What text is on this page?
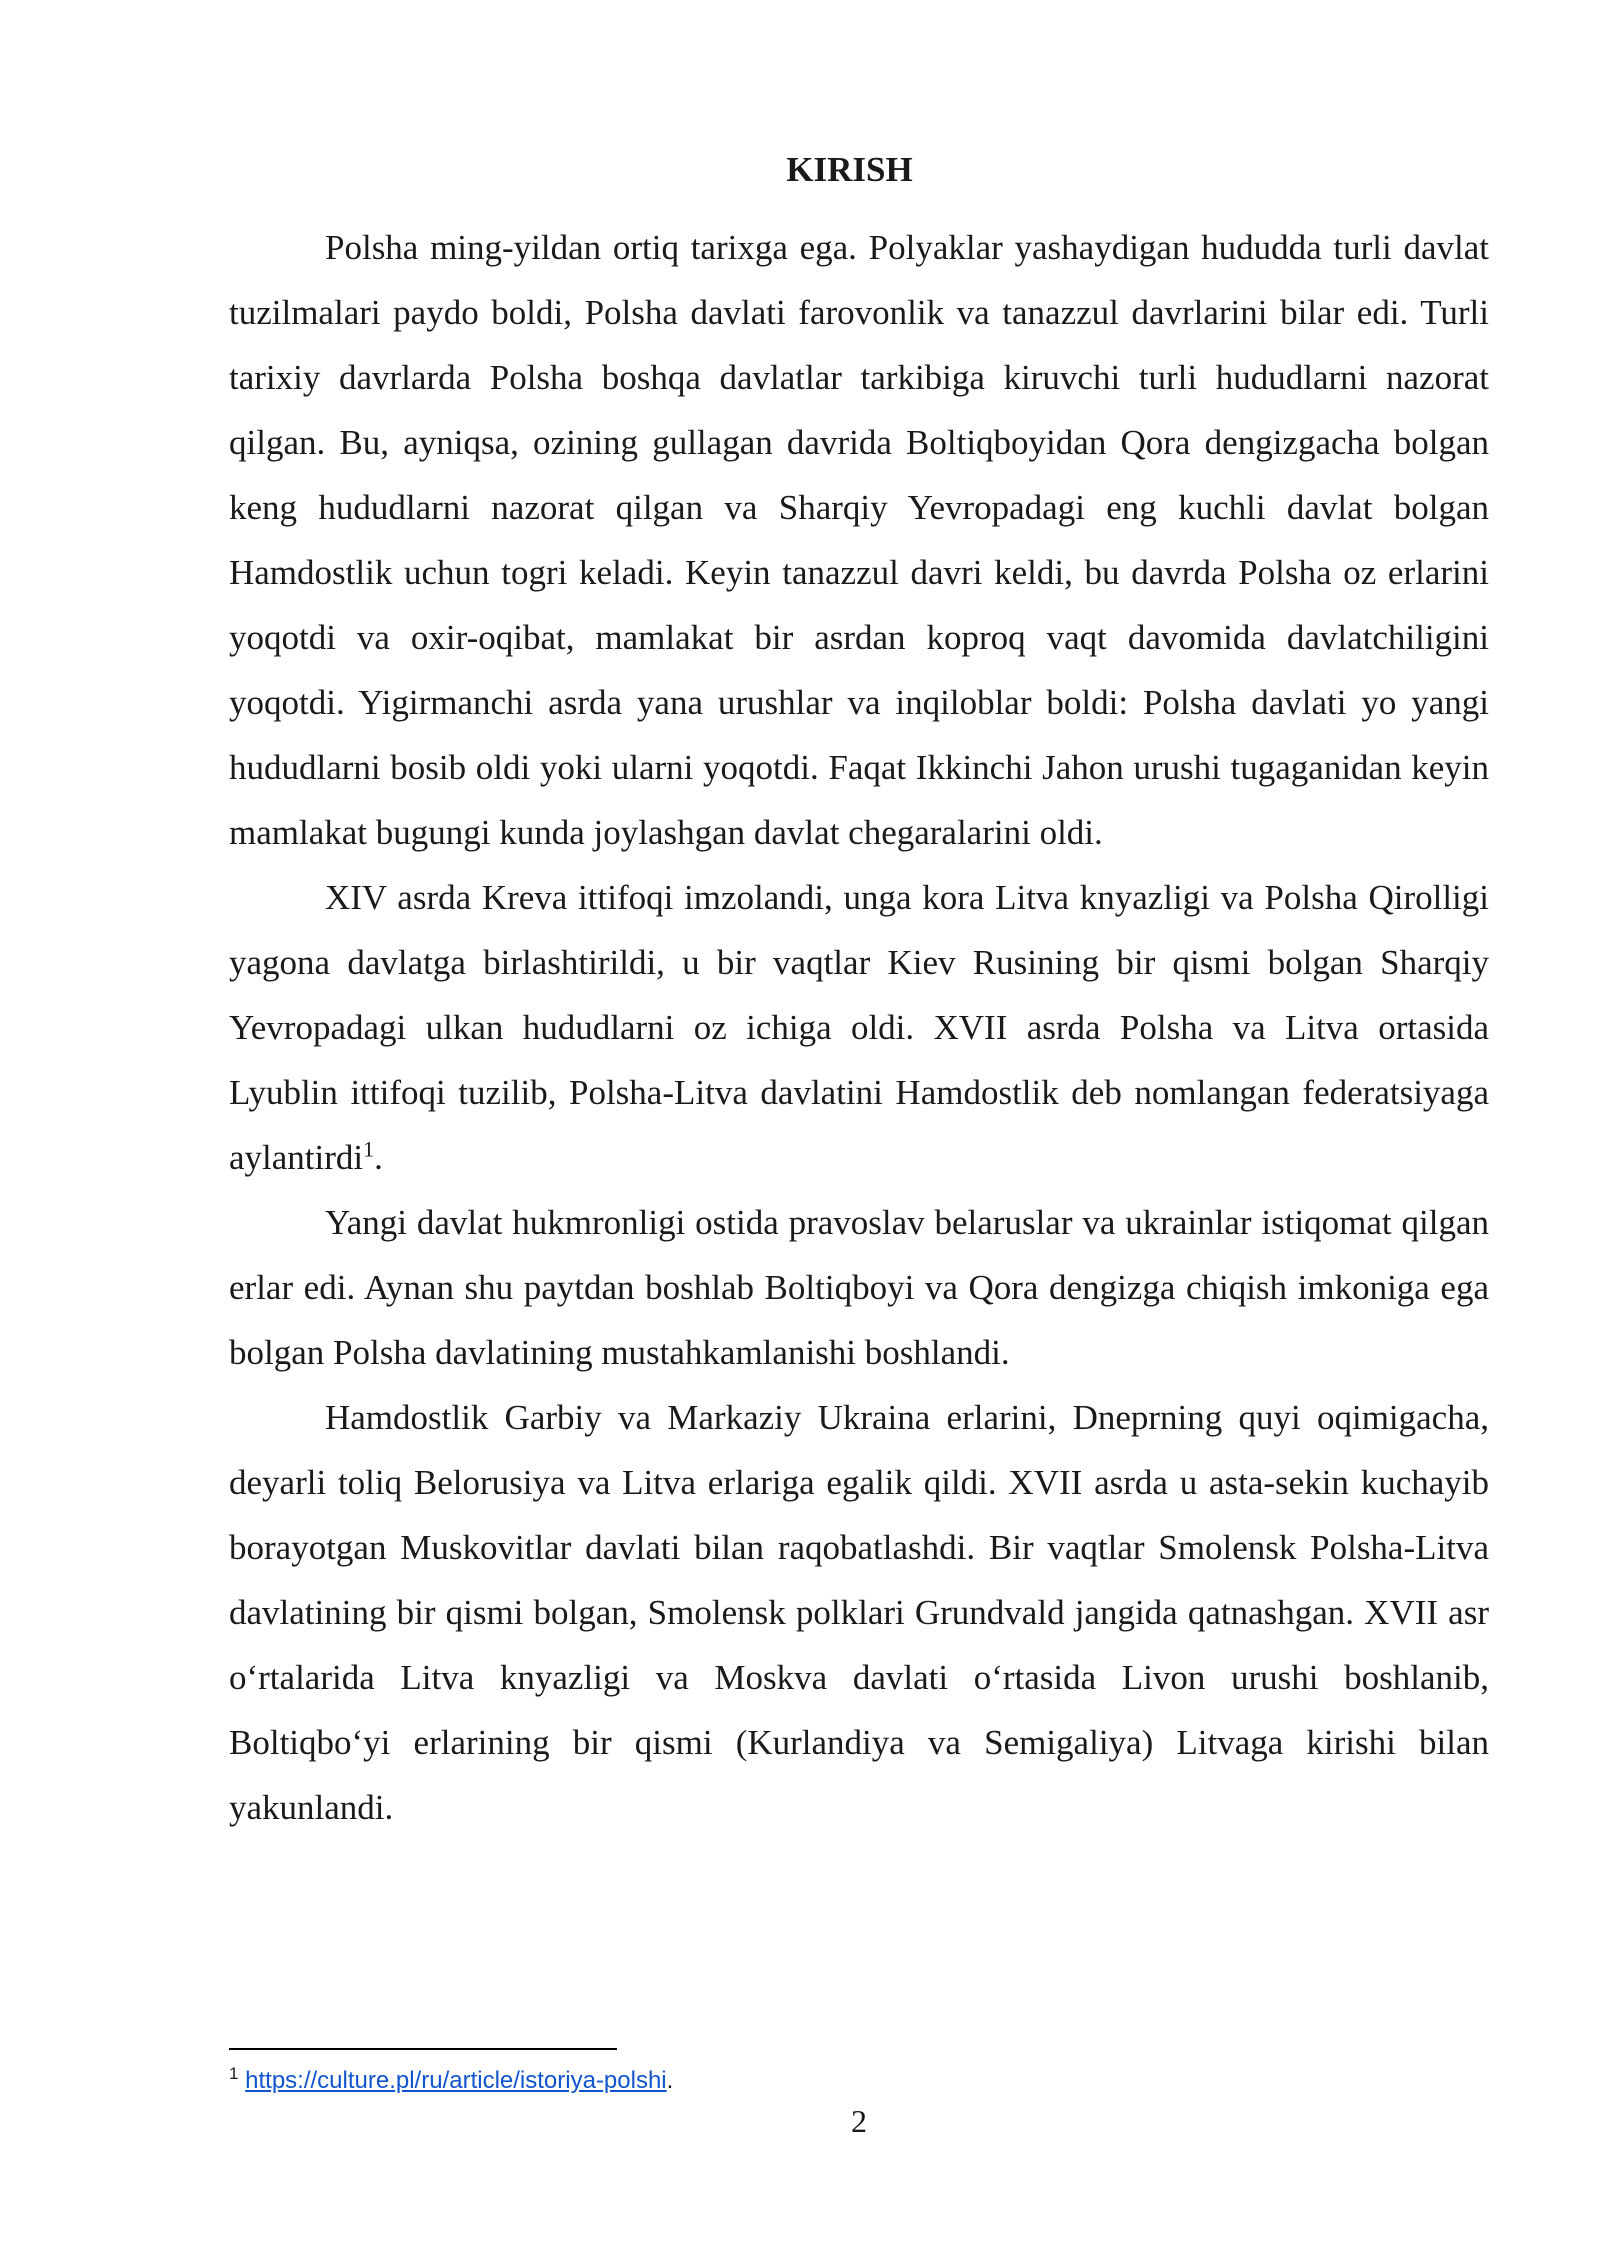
KIRISH

Polsha ming-yildan ortiq tarixga ega. Polyaklar yashaydigan hududda turli davlat tuzilmalari paydo boldi, Polsha davlati farovonlik va tanazzul davrlarini bilar edi. Turli tarixiy davrlarda Polsha boshqa davlatlar tarkibiga kiruvchi turli hududlarni nazorat qilgan. Bu, ayniqsa, ozining gullagan davrida Boltiqboyidan Qora dengizgacha bolgan keng hududlarni nazorat qilgan va Sharqiy Yevropadagi eng kuchli davlat bolgan Hamdostlik uchun togri keladi. Keyin tanazzul davri keldi, bu davrda Polsha oz erlarini yoqotdi va oxir-oqibat, mamlakat bir asrdan koproq vaqt davomida davlatchiligini yoqotdi. Yigirmanchi asrda yana urushlar va inqiloblar boldi: Polsha davlati yo yangi hududlarni bosib oldi yoki ularni yoqotdi. Faqat Ikkinchi Jahon urushi tugaganidan keyin mamlakat bugungi kunda joylashgan davlat chegaralarini oldi.

XIV asrda Kreva ittifoqi imzolandi, unga kora Litva knyazligi va Polsha Qirolligi yagona davlatga birlashtirildi, u bir vaqtlar Kiev Rusining bir qismi bolgan Sharqiy Yevropadagi ulkan hududlarni oz ichiga oldi. XVII asrda Polsha va Litva ortasida Lyublin ittifoqi tuzilib, Polsha-Litva davlatini Hamdostlik deb nomlangan federatsiyaga aylantirdi$^1$.

Yangi davlat hukmronligi ostida pravoslav belaruslar va ukrainlar istiqomat qilgan erlar edi. Aynan shu paytdan boshlab Boltiqboyi va Qora dengizga chiqish imkoniga ega bolgan Polsha davlatining mustahkamlanishi boshlandi.

Hamdostlik Garbiy va Markaziy Ukraina erlarini, Dneprning quyi oqimigacha, deyarli toliq Belorusiya va Litva erlariga egalik qildi. XVII asrda u asta-sekin kuchayib borayotgan Muskovitlar davlati bilan raqobatlashdi. Bir vaqtlar Smolensk Polsha-Litva davlatining bir qismi bolgan, Smolensk polklari Grundvald jangida qatnashgan. XVII asr oʻrtalarida Litva knyazligi va Moskva davlati oʻrtasida Livon urushi boshlanib, Boltiqboʻyi erlarining bir qismi (Kurlandiya va Semigaliya) Litvaga kirishi bilan yakunlandi.

$^1$ https://culture.pl/ru/article/istoriya-polshi.
2
